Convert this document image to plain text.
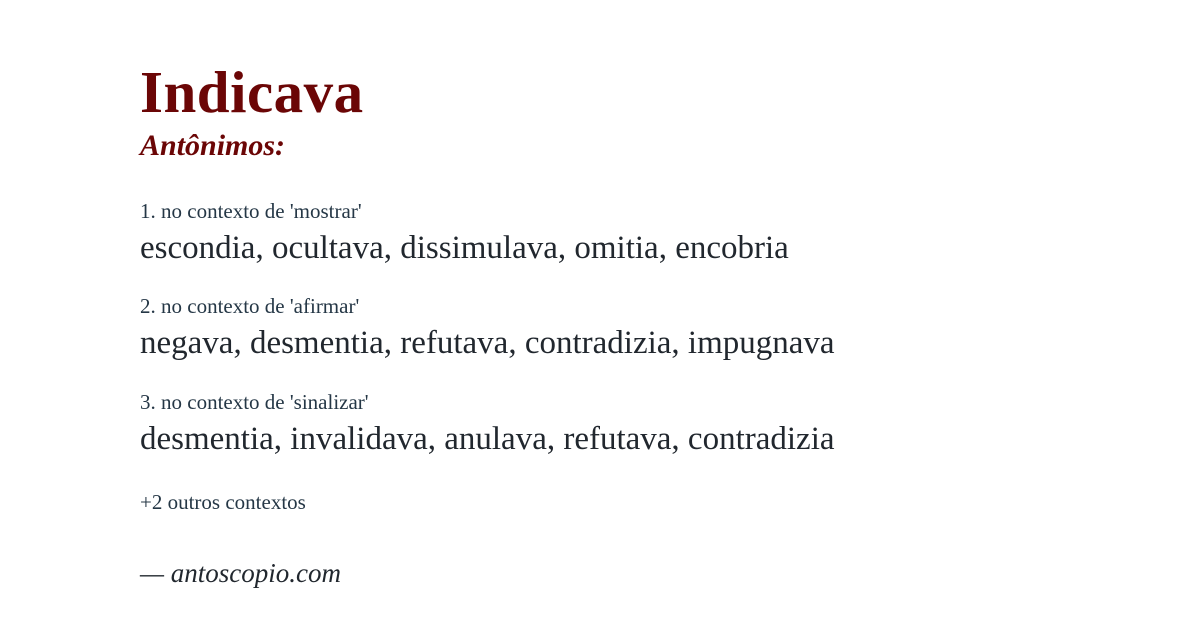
Indicava
Antônimos:
1. no contexto de 'mostrar'
escondia, ocultava, dissimulava, omitia, encobria
2. no contexto de 'afirmar'
negava, desmentia, refutava, contradizia, impugnava
3. no contexto de 'sinalizar'
desmentia, invalidava, anulava, refutava, contradizia
+2 outros contextos
— antoscopio.com
